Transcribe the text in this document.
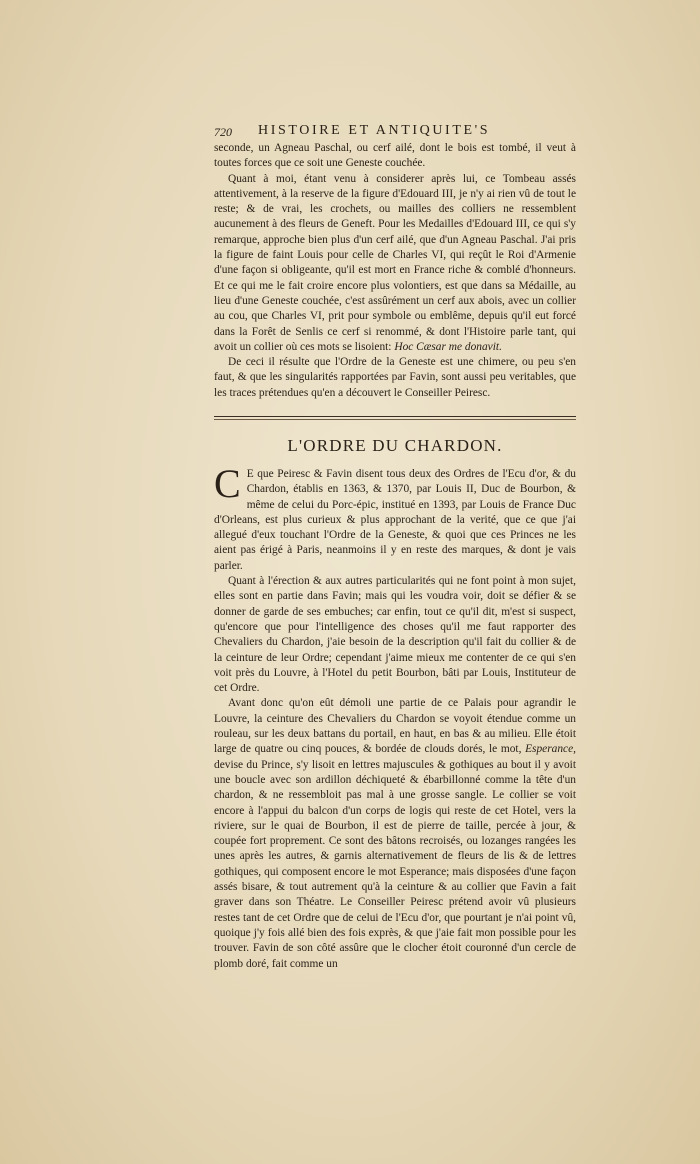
720 HISTOIRE ET ANTIQUITE'S

seconde, un Agneau Paschal, ou cerf ailé, dont le bois est tombé, il veut à toutes forces que ce soit une Geneste couchée.

Quant à moi, étant venu à considerer après lui, ce Tombeau assés attentivement, à la reserve de la figure d'Edouard III, je n'y ai rien vû de tout le reste; & de vrai, les crochets, ou mailles des colliers ne ressemblent aucunement à des fleurs de Geneft. Pour les Medailles d'Edouard III, ce qui s'y remarque, approche bien plus d'un cerf ailé, que d'un Agneau Paschal. J'ai pris la figure de faint Louis pour celle de Charles VI, qui reçût le Roi d'Armenie d'une façon si obligeante, qu'il est mort en France riche & comblé d'honneurs. Et ce qui me le fait croire encore plus volontiers, est que dans sa Médaille, au lieu d'une Geneste couchée, c'est assûrément un cerf aux abois, avec un collier au cou, que Charles VI, prit pour symbole ou emblême, depuis qu'il eut forcé dans la Forêt de Senlis ce cerf si renommé, & dont l'Histoire parle tant, qui avoit un collier où ces mots se lisoient: Hoc Cæsar me donavit.

De ceci il résulte que l'Ordre de la Geneste est une chimere, ou peu s'en faut, & que les singularités rapportées par Favin, sont aussi peu veritables, que les traces prétendues qu'en a découvert le Conseiller Peiresc.

L'ORDRE DU CHARDON.

C E que Peiresc & Favin disent tous deux des Ordres de l'Ecu d'or, & du Chardon, établis en 1363, & 1370, par Louis II, Duc de Bourbon, & même de celui du Porc-épic, institué en 1393, par Louis de France Duc d'Orleans, est plus curieux & plus approchant de la verité, que ce que j'ai allegué d'eux touchant l'Ordre de la Geneste, & quoi que ces Princes ne les aient pas érigé à Paris, neanmoins il y en reste des marques, & dont je vais parler.

Quant à l'érection & aux autres particularités qui ne font point à mon sujet, elles sont en partie dans Favin; mais qui les voudra voir, doit se défier & se donner de garde de ses embuches; car enfin, tout ce qu'il dit, m'est si suspect, qu'encore que pour l'intelligence des choses qu'il me faut rapporter des Chevaliers du Chardon, j'aie besoin de la description qu'il fait du collier & de la ceinture de leur Ordre; cependant j'aime mieux me contenter de ce qui s'en voit près du Louvre, à l'Hotel du petit Bourbon, bâti par Louis, Instituteur de cet Ordre.

Avant donc qu'on eût démoli une partie de ce Palais pour agrandir le Louvre, la ceinture des Chevaliers du Chardon se voyoit étendue comme un rouleau, sur les deux battans du portail, en haut, en bas & au milieu. Elle étoit large de quatre ou cinq pouces, & bordée de clouds dorés, le mot, Esperance, devise du Prince, s'y lisoit en lettres majuscules & gothiques au bout il y avoit une boucle avec son ardillon déchiqueté & ébarbillonné comme la tête d'un chardon, & ne ressembloit pas mal à une grosse sangle. Le collier se voit encore à l'appui du balcon d'un corps de logis qui reste de cet Hotel, vers la riviere, sur le quai de Bourbon, il est de pierre de taille, percée à jour, & coupée fort proprement. Ce sont des bâtons recroisés, ou lozanges rangées les unes après les autres, & garnis alternativement de fleurs de lis & de lettres gothiques, qui composent encore le mot Esperance; mais disposées d'une façon assés bisare, & tout autrement qu'à la ceinture & au collier que Favin a fait graver dans son Théatre. Le Conseiller Peiresc prétend avoir vû plusieurs restes tant de cet Ordre que de celui de l'Ecu d'or, que pourtant je n'ai point vû, quoique j'y fois allé bien des fois exprès, & que j'aie fait mon possible pour les trouver. Favin de son côté assûre que le clocher étoit couronné d'un cercle de plomb doré, fait comme un
